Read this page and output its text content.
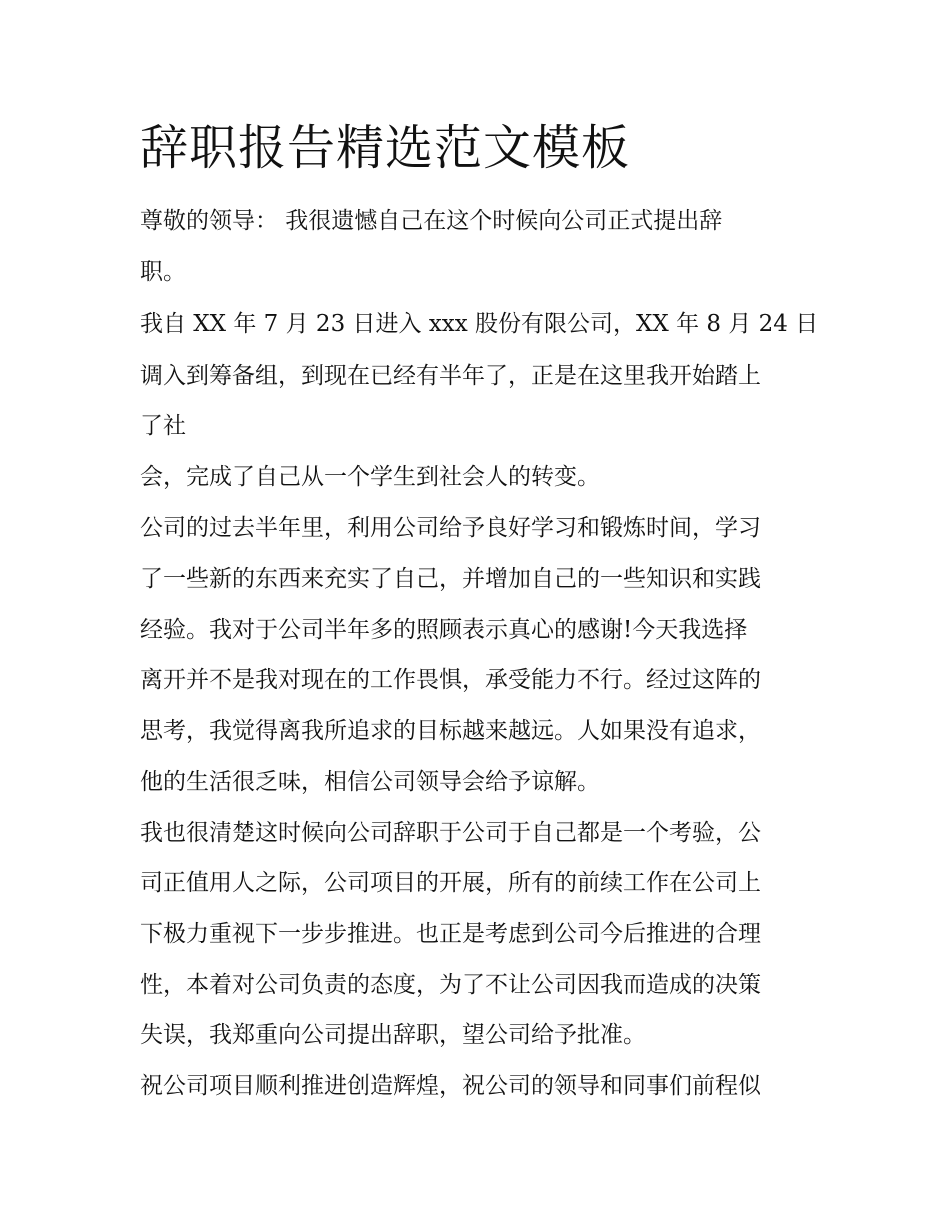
辞职报告精选范文模板

尊敬的领导： 我很遗憾自己在这个时候向公司正式提出辞

职。

我自 XX 年 7 月 23 日进入 xxx 股份有限公司，XX 年 8 月 24 日

调入到筹备组，到现在已经有半年了，正是在这里我开始踏上

了社

会，完成了自己从一个学生到社会人的转变。

公司的过去半年里，利用公司给予良好学习和锻炼时间，学习

了一些新的东西来充实了自己，并增加自己的一些知识和实践

经验。我对于公司半年多的照顾表示真心的感谢!今天我选择

离开并不是我对现在的工作畏惧，承受能力不行。经过这阵的

思考，我觉得离我所追求的目标越来越远。人如果没有追求，

他的生活很乏味，相信公司领导会给予谅解。

我也很清楚这时候向公司辞职于公司于自己都是一个考验，公

司正值用人之际，公司项目的开展，所有的前续工作在公司上

下极力重视下一步步推进。也正是考虑到公司今后推进的合理

性，本着对公司负责的态度，为了不让公司因我而造成的决策

失误，我郑重向公司提出辞职，望公司给予批准。

祝公司项目顺利推进创造辉煌，祝公司的领导和同事们前程似
